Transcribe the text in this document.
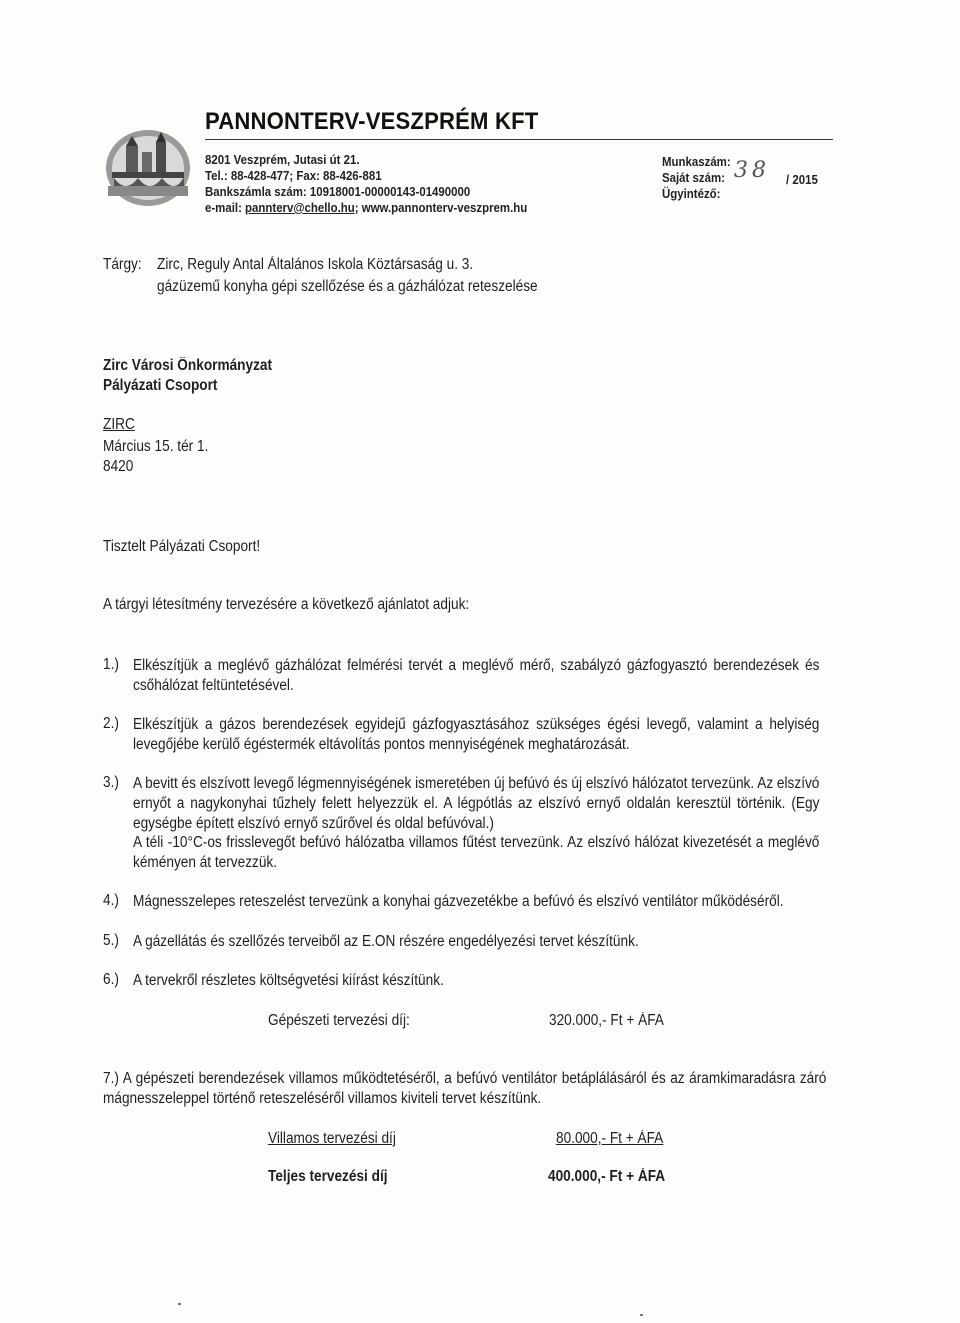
PANNONTERV-VESZPRÉM KFT
8201 Veszprém, Jutasi út 21.
Tel.: 88-428-477; Fax: 88-426-881
Bankszámla szám: 10918001-00000143-01490000
e-mail: pannterv@chello.hu; www.pannonterv-veszprem.hu
Munkaszám:
Saját szám:
Ügyintéző:
38 / 2015
Tárgy: Zirc, Reguly Antal Általános Iskola Köztársaság u. 3.
gázüzemű konyha gépi szellőzése és a gázhálózat reteszelése
Zirc Városi Önkormányzat
Pályázati Csoport
ZIRC
Március 15. tér 1.
8420
Tisztelt Pályázati Csoport!
A tárgyi létesítmény tervezésére a következő ajánlatot adjuk:
1.) Elkészítjük a meglévő gázhálózat felmérési tervét a meglévő mérő, szabályzó gázfogyasztó berendezések és csőhálózat feltüntetésével.
2.) Elkészítjük a gázos berendezések egyidejű gázfogyasztásához szükséges égési levegő, valamint a helyiség levegőjébe kerülő égéstermék eltávolítás pontos mennyiségének meghatározását.
3.) A bevitt és elszívott levegő légmennyiségének ismeretében új befúvó és új elszívó hálózatot tervezünk. Az elszívó ernyőt a nagykonyhai tűzhely felett helyezzük el. A légpótlás az elszívó ernyő oldalán keresztül történik. (Egy egységbe épített elszívó ernyő szűrővel és oldal befúvóval.)
A téli -10°C-os frisslevegőt befúvó hálózatba villamos fűtést tervezünk. Az elszívó hálózat kivezetését a meglévő kéményen át tervezzük.
4.) Mágnesszelepes reteszelést tervezünk a konyhai gázvezetékbe a befúvó és elszívó ventilátor működéséről.
5.) A gázellátás és szellőzés terveiből az E.ON részére engedélyezési tervet készítünk.
6.) A tervekről részletes költségvetési kiírást készítünk.
Gépészeti tervezési díj:	320.000,- Ft + ÁFA
7.) A gépészeti berendezések villamos működtetéséről, a befúvó ventilátor betáplálásáról és az áramkimaradásra záró mágnesszeleppel történő reteszeléséről villamos kiviteli tervet készítünk.
Villamos tervezési díj	80.000,- Ft + ÁFA
Teljes tervezési díj	400.000,- Ft + ÁFA
